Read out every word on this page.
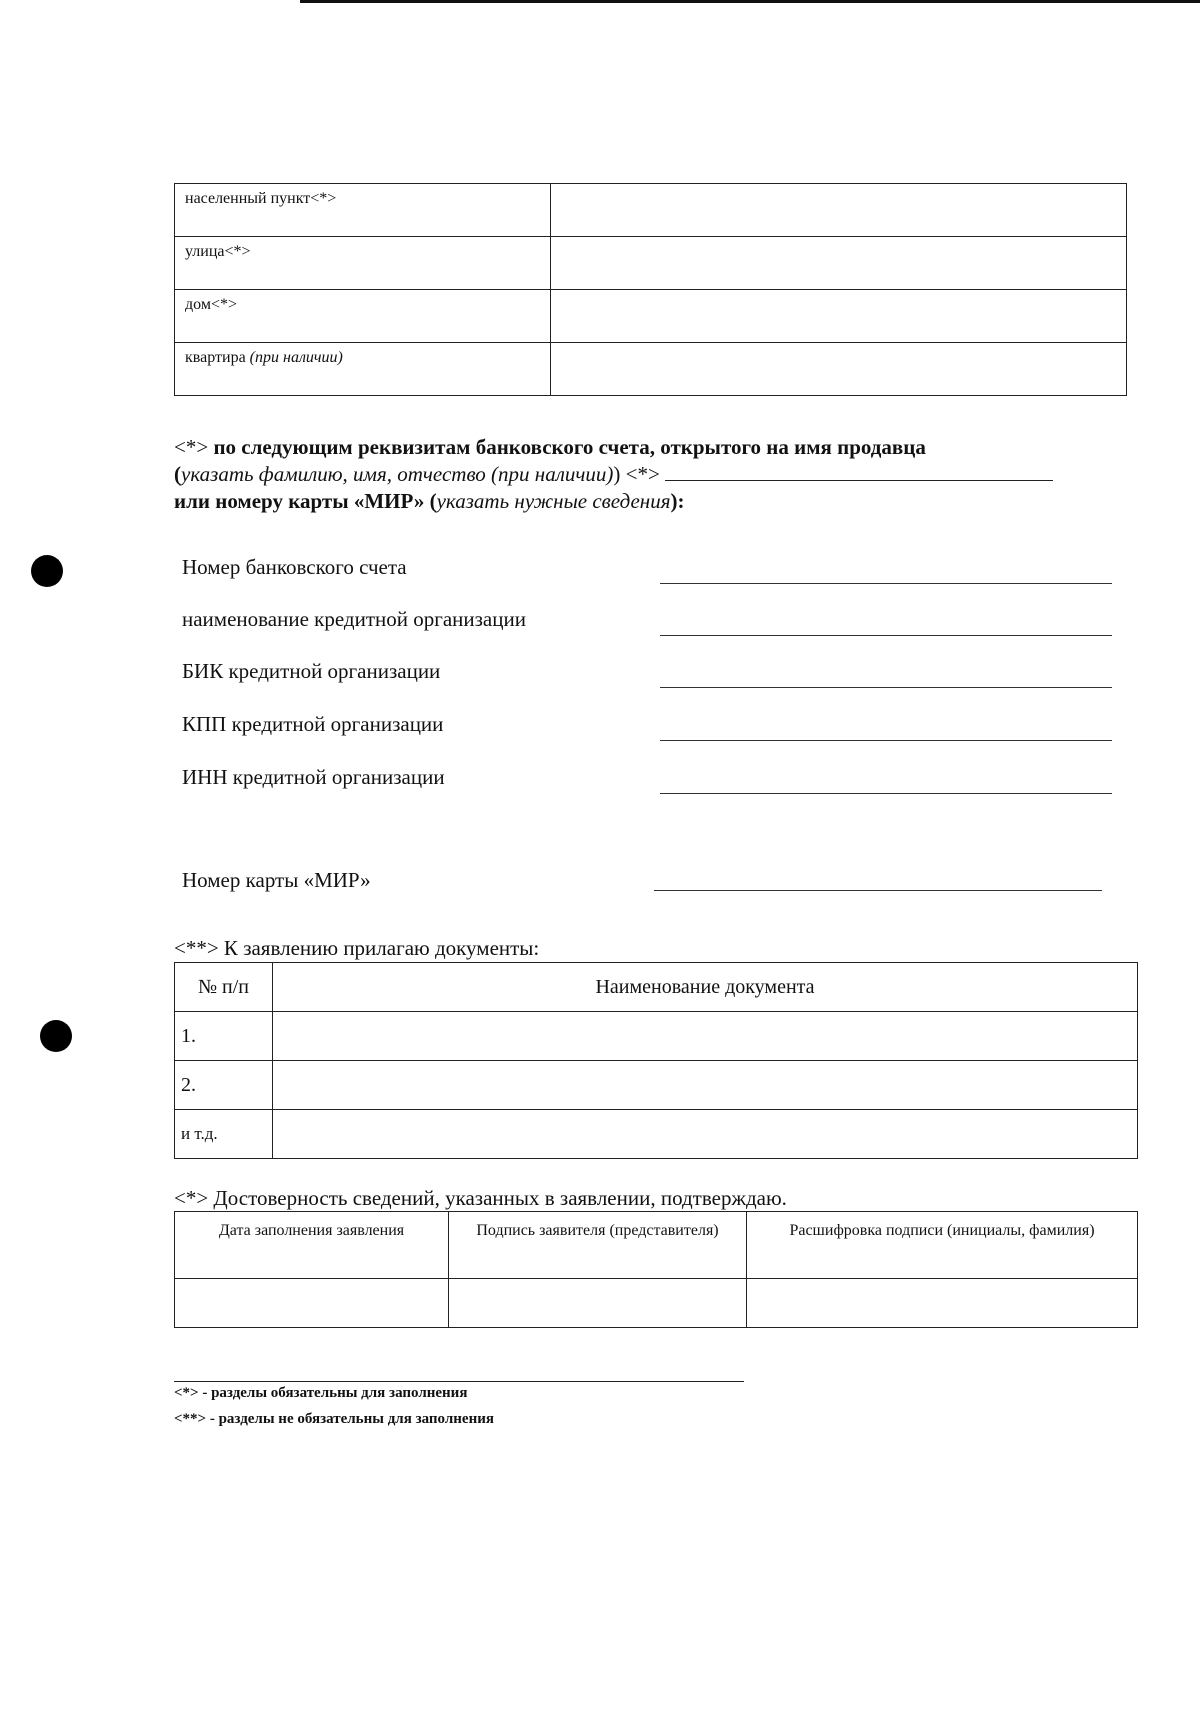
населенный пункт<*>	
улица<*>	
дом<*>	
квартира (при наличии)	
<*> по следующим реквизитам банковского счета, открытого на имя продавца
(указать фамилию, имя, отчество (при наличии)) <*>
или номеру карты «МИР» (указать нужные сведения):
Номер банковского счета
наименование кредитной организации
БИК кредитной организации
КПП кредитной организации
ИНН кредитной организации
Номер карты «МИР»
<**> К заявлению прилагаю документы:
№ п/п	Наименование документа
1.	
2.	
и т.д.	
<*> Достоверность сведений, указанных в заявлении, подтверждаю.
Дата заполнения заявления	Подпись заявителя (представителя)	Расшифровка подписи (инициалы, фамилия)

<*> - разделы обязательны для заполнения
<**> - разделы не обязательны для заполнения
